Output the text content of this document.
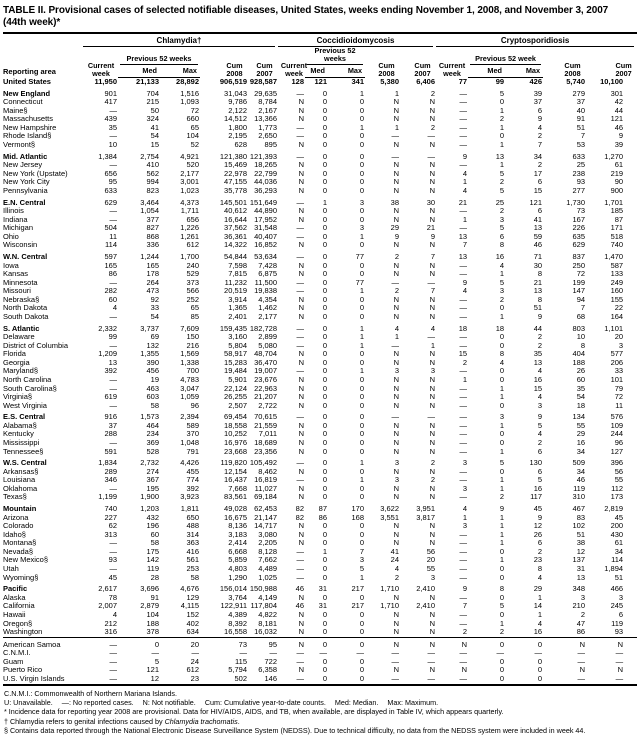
TABLE II. Provisional cases of selected notifiable diseases, United States, weeks ending November 1, 2008, and November 3, 2007
(44th week)*
Reporting area	Chlamydia†					Coccidioidomycosis					Cryptosporidiosis				

	Current week	Previous 52 weeks		Cum 2008	Cum 2007	Current week	Previous 52 weeks		Cum 2008	Cum 2007	Current week	Previous 52 week		Cum 2008	Cum 2007

		Med	Max				Med	Max				Med	Max		
United States	11,950	21,133	28,892	906,519	928,587	128	121	341	5,380	6,406	77	99	426	5,740	10,100
New England	901	704	1,516	31,043	29,635	—	0	1	1	2	—	5	39	279	301
Connecticut	417	215	1,093	9,786	8,784	N	0	0	N	N	—	0	37	37	42
Maine§	—	50	72	2,122	2,167	N	0	0	N	N	—	1	6	40	44
Massachusetts	439	324	660	14,512	13,366	N	0	0	N	N	—	2	9	91	121
New Hampshire	35	41	65	1,800	1,773	—	0	1	1	2	—	1	4	51	46
Rhode Island§	—	54	104	2,195	2,650	—	0	0	—	—	—	0	2	7	9
Vermont§	10	15	52	628	895	N	0	0	N	N	—	1	7	53	39
Mid. Atlantic	1,384	2,754	4,921	121,380	121,393	—	0	0	—	—	9	13	34	633	1,270
New Jersey	—	410	520	15,469	18,265	N	0	0	N	N	—	1	2	25	61
New York (Upstate)	656	562	2,177	22,978	22,799	N	0	0	N	N	4	5	17	238	219
New York City	95	994	3,001	47,155	44,036	N	0	0	N	N	1	2	6	93	90
Pennsylvania	633	823	1,023	35,778	36,293	N	0	0	N	N	4	5	15	277	900
E.N. Central	629	3,464	4,373	145,501	151,649	—	1	3	38	30	21	25	121	1,730	1,701
Illinois	—	1,054	1,711	40,612	44,890	N	0	0	N	N	—	2	6	73	185
Indiana	—	377	656	16,644	17,952	N	0	0	N	N	1	3	41	167	87
Michigan	504	827	1,226	37,562	31,548	—	0	3	29	21	—	5	13	226	171
Ohio	11	868	1,261	36,361	40,407	—	0	1	9	9	13	6	59	635	518
Wisconsin	114	336	612	14,322	16,852	N	0	0	N	N	7	8	46	629	740
W.N. Central	597	1,244	1,700	54,844	53,634	—	0	77	2	7	13	16	71	837	1,470
Iowa	165	165	240	7,598	7,428	N	0	0	N	N	—	4	30	250	587
Kansas	86	178	529	7,815	6,875	N	0	0	N	N	—	1	8	72	133
Minnesota	—	264	373	11,232	11,500	—	0	77	—	—	9	5	21	199	249
Missouri	282	473	566	20,519	19,838	—	0	1	2	7	4	3	13	147	160
Nebraska§	60	92	252	3,914	4,354	N	0	0	N	N	—	2	8	94	155
North Dakota	4	33	65	1,365	1,462	N	0	0	N	N	—	0	51	7	22
South Dakota	—	54	85	2,401	2,177	N	0	0	N	N	—	1	9	68	164
S. Atlantic	2,332	3,737	7,609	159,435	182,728	—	0	1	4	4	18	18	44	803	1,101
Delaware	99	69	150	3,160	2,899	—	0	1	1	—	—	0	2	10	20
District of Columbia	—	132	216	5,804	5,080	—	0	1	—	1	—	0	2	8	3
Florida	1,209	1,355	1,569	58,917	48,704	N	0	0	N	N	15	8	35	404	577
Georgia	13	390	1,338	15,283	36,470	N	0	0	N	N	2	4	13	188	206
Maryland§	392	456	700	19,484	19,007	—	0	1	3	3	—	0	4	26	33
North Carolina	—	19	4,783	5,901	23,676	N	0	0	N	N	1	0	16	60	101
South Carolina§	—	463	3,047	22,124	22,963	N	0	0	N	N	—	1	15	35	79
Virginia§	619	603	1,059	26,255	21,207	N	0	0	N	N	—	1	4	54	72
West Virginia	—	58	96	2,507	2,722	N	0	0	N	N	—	0	3	18	11
E.S. Central	916	1,573	2,394	69,454	70,615	—	0	0	—	—	—	3	9	134	576
Alabama§	37	464	589	18,558	21,559	N	0	0	N	N	—	1	5	55	109
Kentucky	288	234	370	10,252	7,011	N	0	0	N	N	—	0	4	29	244
Mississippi	—	369	1,048	16,976	18,689	N	0	0	N	N	—	0	2	16	96
Tennessee§	591	528	791	23,668	23,356	N	0	0	N	N	—	1	6	34	127
W.S. Central	1,834	2,732	4,426	119,820	105,492	—	0	1	3	2	3	5	130	509	396
Arkansas§	289	274	455	12,154	8,462	N	0	0	N	N	—	0	6	34	56
Louisiana	346	367	774	16,437	16,819	—	0	1	3	2	—	1	5	46	55
Oklahoma	—	195	392	7,668	11,027	N	0	0	N	N	3	1	16	119	112
Texas§	1,199	1,900	3,923	83,561	69,184	N	0	0	N	N	—	2	117	310	173
Mountain	740	1,203	1,811	49,028	62,453	82	87	170	3,622	3,951	4	9	45	467	2,819
Arizona	227	432	650	16,675	21,147	82	86	168	3,551	3,817	1	1	9	83	45
Colorado	62	196	488	8,136	14,717	N	0	0	N	N	3	1	12	102	200
Idaho§	313	60	314	3,183	3,080	N	0	0	N	N	—	1	26	51	430
Montana§	—	58	363	2,414	2,205	N	0	0	N	N	—	1	6	38	61
Nevada§	—	175	416	6,668	8,128	—	1	7	41	56	—	0	2	12	34
New Mexico§	93	142	561	5,859	7,662	—	0	3	24	20	—	1	23	137	114
Utah	—	119	253	4,803	4,489	—	0	5	4	55	—	0	8	31	1,894
Wyoming§	45	28	58	1,290	1,025	—	0	1	2	3	—	0	4	13	51
Pacific	2,617	3,696	4,676	156,014	150,988	46	31	217	1,710	2,410	9	8	29	348	466
Alaska	78	91	129	3,764	4,149	N	0	0	N	N	—	0	1	3	3
California	2,007	2,879	4,115	122,911	117,804	46	31	217	1,710	2,410	7	5	14	210	245
Hawaii	4	104	152	4,389	4,822	N	0	0	N	N	—	0	1	2	6
Oregon§	212	188	402	8,392	8,181	N	0	0	N	N	—	1	4	47	119
Washington	316	378	634	16,558	16,032	N	0	0	N	N	2	2	16	86	93
American Samoa	—	0	20	73	95	N	0	0	N	N	N	0	0	N	N
C.N.M.I.	—	—	—	—	—	—	—	—	—	—	—	—	—	—	—
Guam	—	5	24	115	722	—	0	0	—	—	—	0	0	—	—
Puerto Rico	—	121	612	5,794	6,358	N	0	0	N	N	N	0	0	N	N
U.S. Virgin Islands	—	12	23	502	146	—	0	0	—	—	—	0	0	—	—
C.N.M.I.: Commonwealth of Northern Mariana Islands.
U: Unavailable. —: No reported cases. N: Not notifiable. Cum: Cumulative year-to-date counts. Med: Median. Max: Maximum.
* Incidence data for reporting year 2008 are provisional. Data for HIV/AIDS, AIDS, and TB, when available, are displayed in Table IV, which appears quarterly.
† Chlamydia refers to genital infections caused by Chlamydia trachomatis.
§ Contains data reported through the National Electronic Disease Surveillance System (NEDSS). Due to technical difficulty, no data from the NEDSS system were included in week 44.
